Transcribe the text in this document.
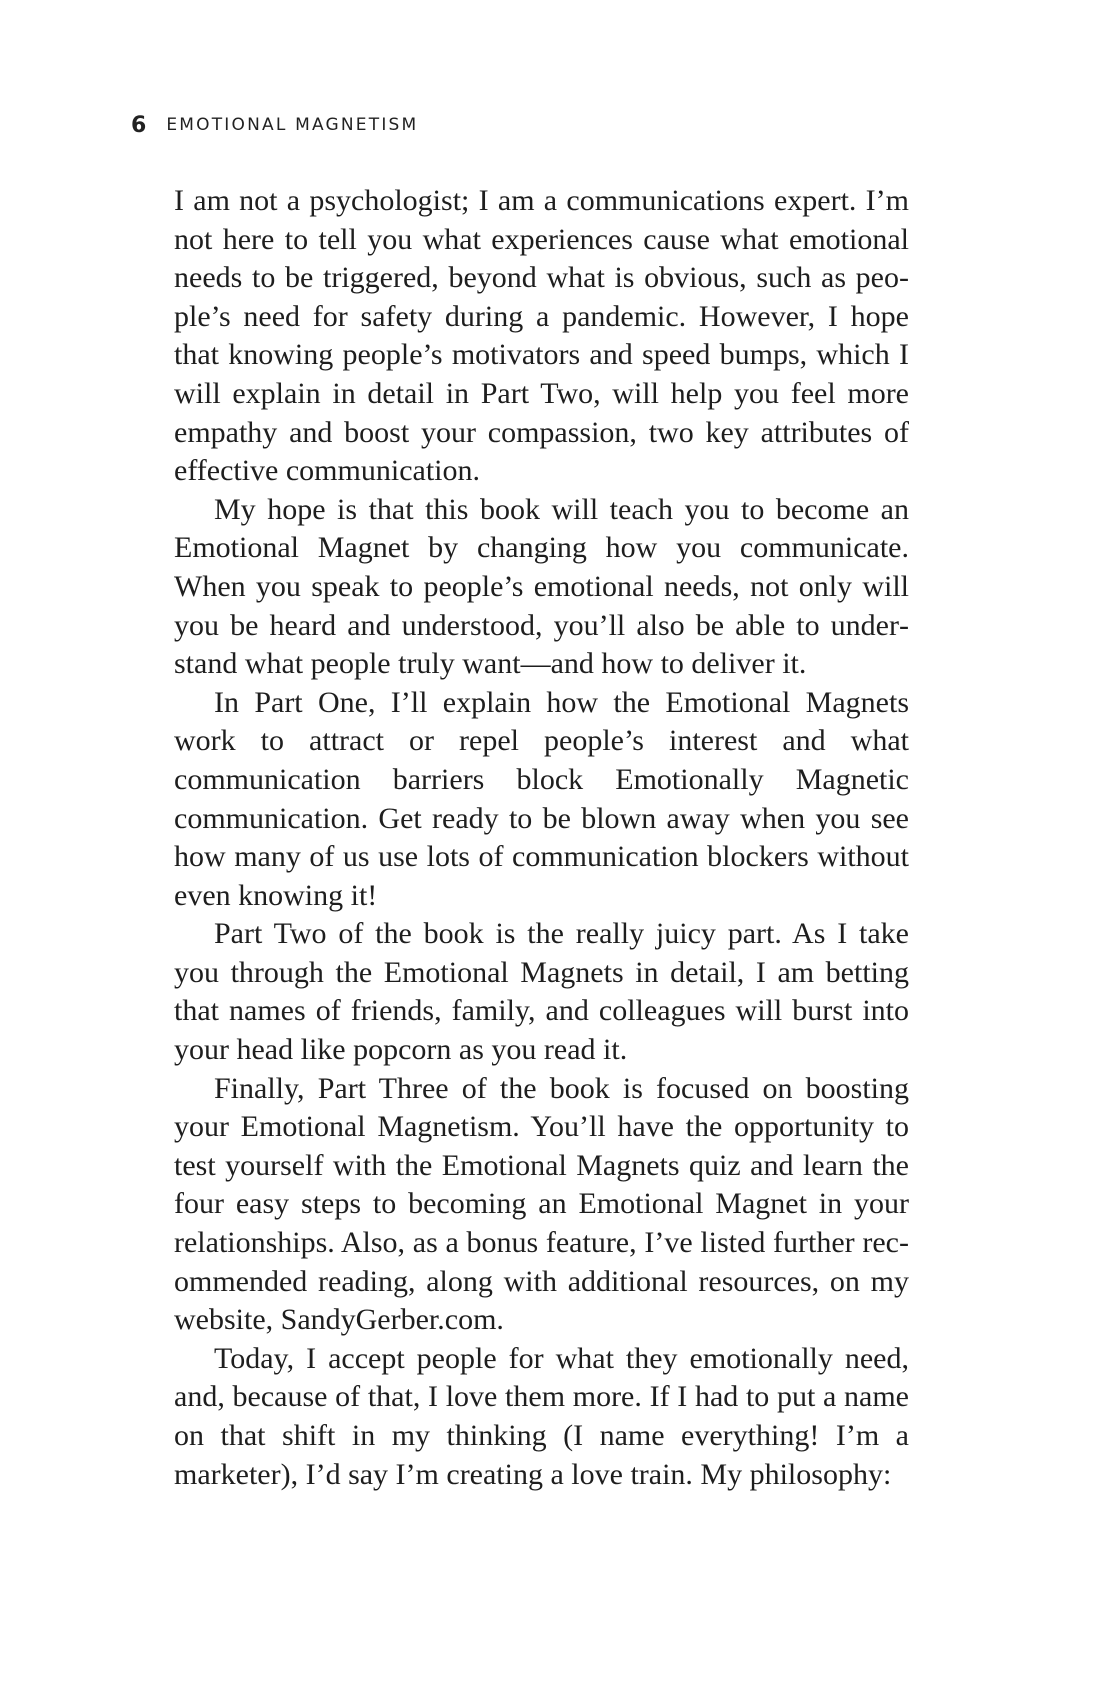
6 EMOTIONAL MAGNETISM

I am not a psychologist; I am a communications expert. I’m not here to tell you what experiences cause what emotional needs to be triggered, beyond what is obvious, such as people’s need for safety during a pandemic. However, I hope that knowing people’s motivators and speed bumps, which I will explain in detail in Part Two, will help you feel more empathy and boost your compassion, two key attributes of effective communication.

My hope is that this book will teach you to become an Emotional Magnet by changing how you communicate. When you speak to people’s emotional needs, not only will you be heard and understood, you’ll also be able to understand what people truly want—and how to deliver it.

In Part One, I’ll explain how the Emotional Magnets work to attract or repel people’s interest and what communication barriers block Emotionally Magnetic communication. Get ready to be blown away when you see how many of us use lots of communication blockers without even knowing it!

Part Two of the book is the really juicy part. As I take you through the Emotional Magnets in detail, I am betting that names of friends, family, and colleagues will burst into your head like popcorn as you read it.

Finally, Part Three of the book is focused on boosting your Emotional Magnetism. You’ll have the opportunity to test yourself with the Emotional Magnets quiz and learn the four easy steps to becoming an Emotional Magnet in your relationships. Also, as a bonus feature, I’ve listed further recommended reading, along with additional resources, on my website, SandyGerber.com.

Today, I accept people for what they emotionally need, and, because of that, I love them more. If I had to put a name on that shift in my thinking (I name everything! I’m a marketer), I’d say I’m creating a love train. My philosophy:
